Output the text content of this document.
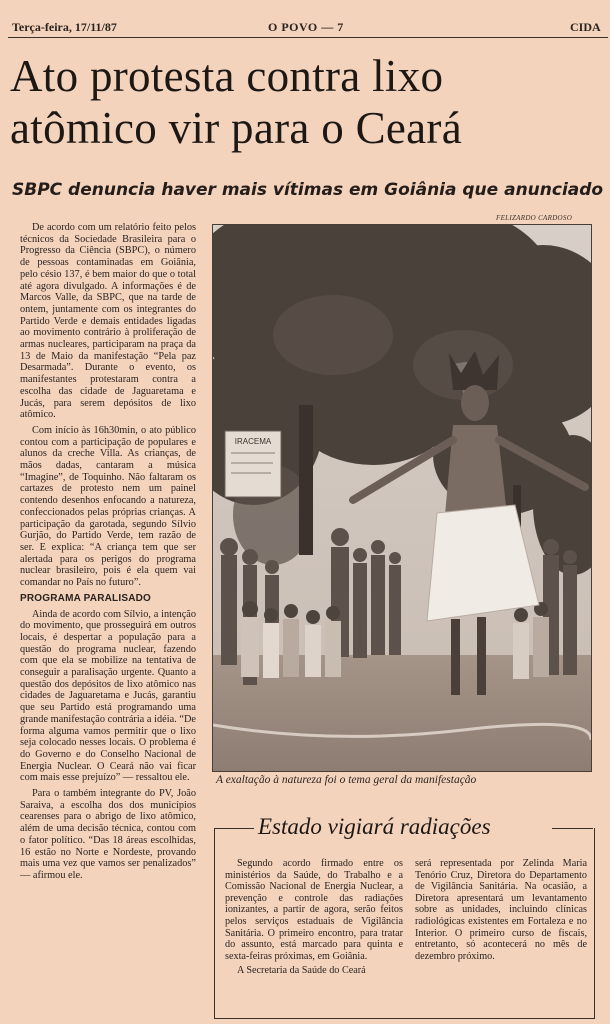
Terça-feira, 17/11/87	O POVO — 7	CIDA
Ato protesta contra lixo
atômico vir para o Ceará
SBPC denuncia haver mais vítimas em Goiânia que anunciado
FELIZARDO CARDOSO

De acordo com um relatório feito pelos técnicos da Sociedade Brasileira para o Progresso da Ciência (SBPC), o número de pessoas contaminadas em Goiânia, pelo césio 137, é bem maior do que o total até agora divulgado. A informações é de Marcos Valle, da SBPC, que na tarde de ontem, juntamente com os integrantes do Partido Verde e demais entidades ligadas ao movimento contrário à proliferação de armas nucleares, participaram na praça da 13 de Maio da manifestação “Pela paz Desarmada”. Durante o evento, os manifestantes protestaram contra a escolha das cidade de Jaguaretama e Jucás, para serem depósitos de lixo atômico.

Com início às 16h30min, o ato público contou com a participação de populares e alunos da creche Villa. As crianças, de mãos dadas, cantaram a música “Imagine”, de Toquinho. Não faltaram os cartazes de protesto nem um painel contendo desenhos enfocando a natureza, confeccionados pelas próprias crianças. A participação da garotada, segundo Sílvio Gurjão, do Partido Verde, tem razão de ser. E explica: “A criança tem que ser alertada para os perigos do programa nuclear brasileiro, pois é ela quem vai comandar no País no futuro”.

PROGRAMA PARALISADO

Ainda de acordo com Sílvio, a intenção do movimento, que prosseguirá em outros locais, é despertar a população para a questão do programa nuclear, fazendo com que ela se mobilize na tentativa de conseguir a paralisação urgente. Quanto a questão dos depósitos de lixo atômico nas cidades de Jaguaretama e Jucás, garantiu que seu Partido está programando uma grande manifestação contrária a idéia. “De forma alguma vamos permitir que o lixo seja colocado nesses locais. O problema é do Governo e do Conselho Nacional de Energia Nuclear. O Ceará não vai ficar com mais esse prejuízo” — ressaltou ele.

Para o também integrante do PV, João Saraiva, a escolha dos dos municípios cearenses para o abrigo de lixo atômico, além de uma decisão técnica, contou com o fator político. “Das 18 áreas escolhidas, 16 estão no Norte e Nordeste, provando mais uma vez que vamos ser penalizados” — afirmou ele.

IRACEMA
A exaltação à natureza foi o tema geral da manifestação
Estado vigiará radiações

Segundo acordo firmado entre os ministérios da Saúde, do Trabalho e a Comissão Nacional de Energia Nuclear, a prevenção e controle das radiações ionizantes, a partir de agora, serão feitos pelos serviços estaduais de Vigilância Sanitária. O primeiro encontro, para tratar do assunto, está marcado para quinta e sexta-feiras próximas, em Goiânia.

A Secretaria da Saúde do Ceará

será representada por Zelinda Maria Tenório Cruz, Diretora do Departamento de Vigilância Sanitária. Na ocasião, a Diretora apresentará um levantamento sobre as unidades, incluindo clínicas radiológicas existentes em Fortaleza e no Interior. O primeiro curso de fiscais, entretanto, só acontecerá no mês de dezembro próximo.
